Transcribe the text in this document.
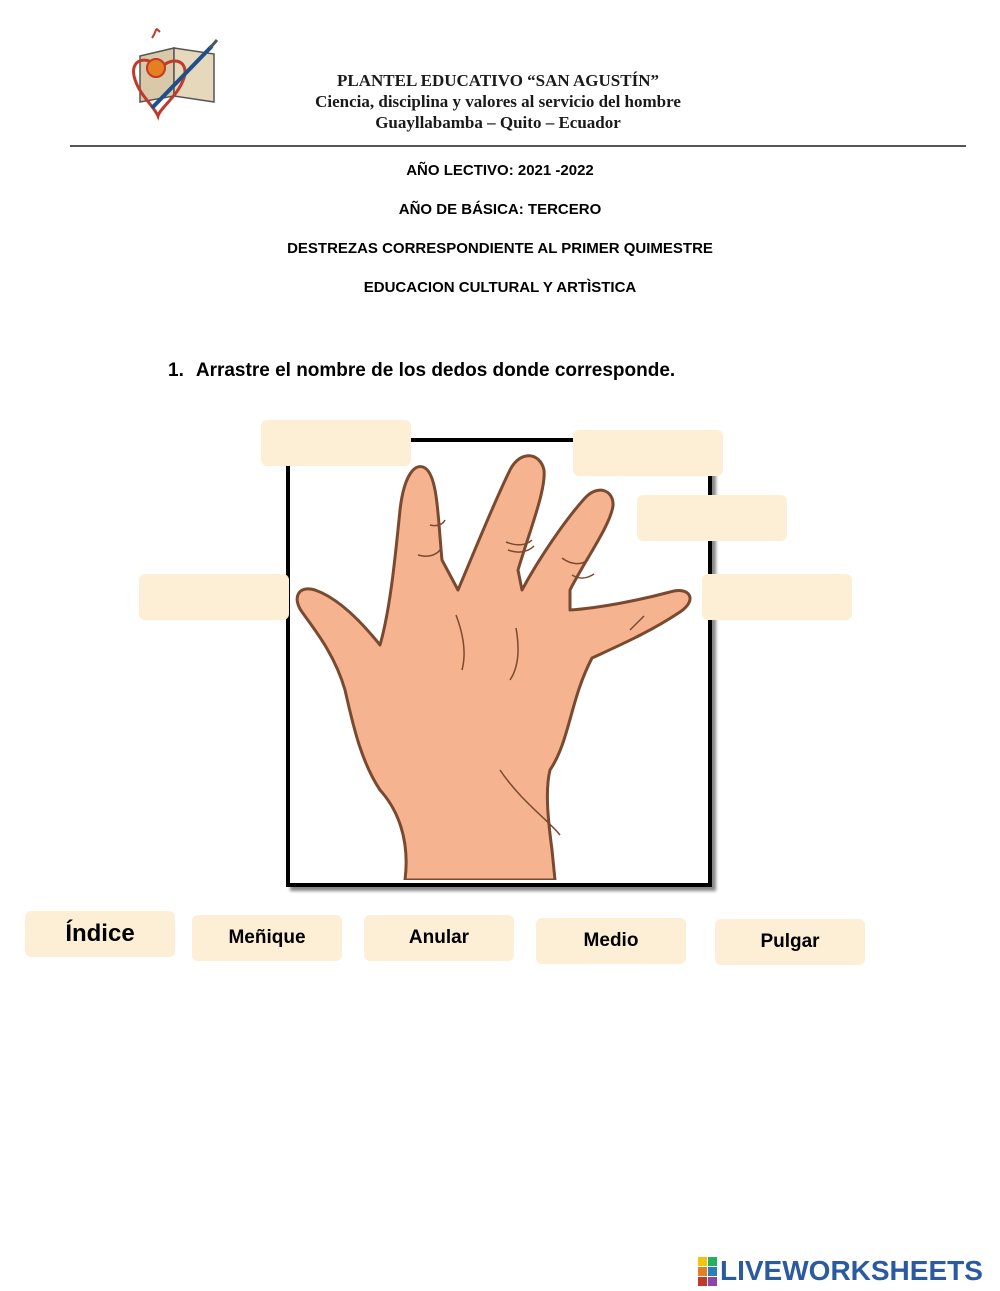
PLANTEL EDUCATIVO “SAN AGUSTÍN”
Ciencia, disciplina y valores al servicio del hombre
Guayllabamba – Quito – Ecuador
AÑO LECTIVO: 2021 -2022
AÑO DE BÁSICA: TERCERO
DESTREZAS CORRESPONDIENTE AL PRIMER QUIMESTRE
EDUCACION CULTURAL Y ARTÌSTICA
1. Arrastre el nombre de los dedos donde corresponde.
Índice	Meñique	Anular	Medio	Pulgar
LIVEWORKSHEETS
